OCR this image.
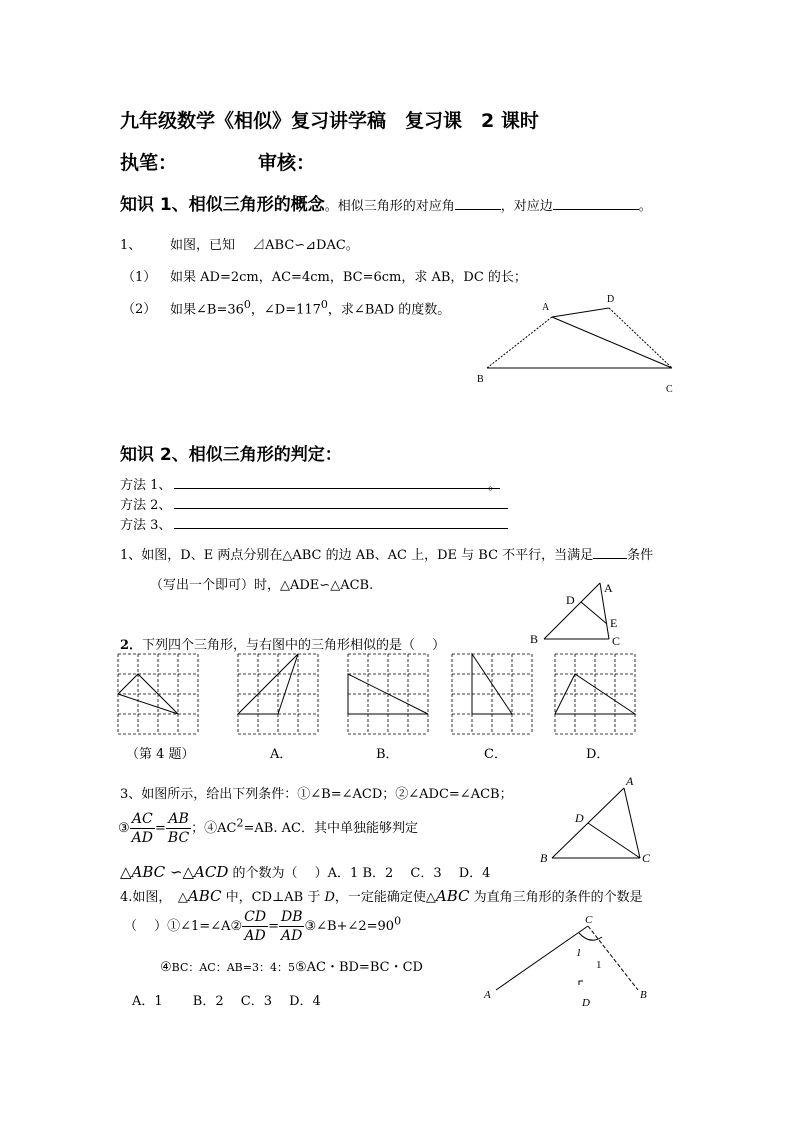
九年级数学《相似》复习讲学稿　复习课　2 课时
执笔：	审核：
知识 1、相似三角形的概念。相似三角形的对应角	，对应边	。
1、 如图，已知　 ⊿ABC∽⊿DAC。
（1） 如果 AD=2cm，AC=4cm，BC=6cm，求 AB，DC 的长；
（2） 如果$\angle B=36^0$，$\angle D=117^0$，求∠BAD 的度数。	A
D
B
C
知识 2、相似三角形的判定：
方法 1、	。
方法 2、
方法 3、
1、如图，D、E 两点分别在△ABC 的边 AB、AC 上，DE 与 BC 不平行，当满足	条件
（写出一个即可）时，△ADE∽△ACB.	A
D
E
B	C
2．下列四个三角形，与右图中的三角形相似的是（　 ）
（第 4 题）	A．	B．	C．	D．
3、如图所示，给出下列条件：①∠B=∠ACD；②∠ADC=∠ACB；
③ $\frac{AC}{AD} = \frac{AB}{BC}$ ；$④AC^2=AB$. AC．其中单独能够判定
△ABC ∽△ACD 的个数为（　 ）A．1 B．2　 C．3　 D．4
A
D
B	C
4.如图，　△ABC 中，CD⊥AB 于 D，一定能确定使△ABC 为直角三角形的条件的个数是
（　 ）①∠1=∠A② $\frac{CD}{AD} = \frac{DB}{AD}$ $③\angle B+\angle 2=90^0$
④BC：AC：AB=3：4：5⑤AC・BD=BC・CD
A．1　　 B．2　 C．3　 D．4
C
A	B
D
1
1
